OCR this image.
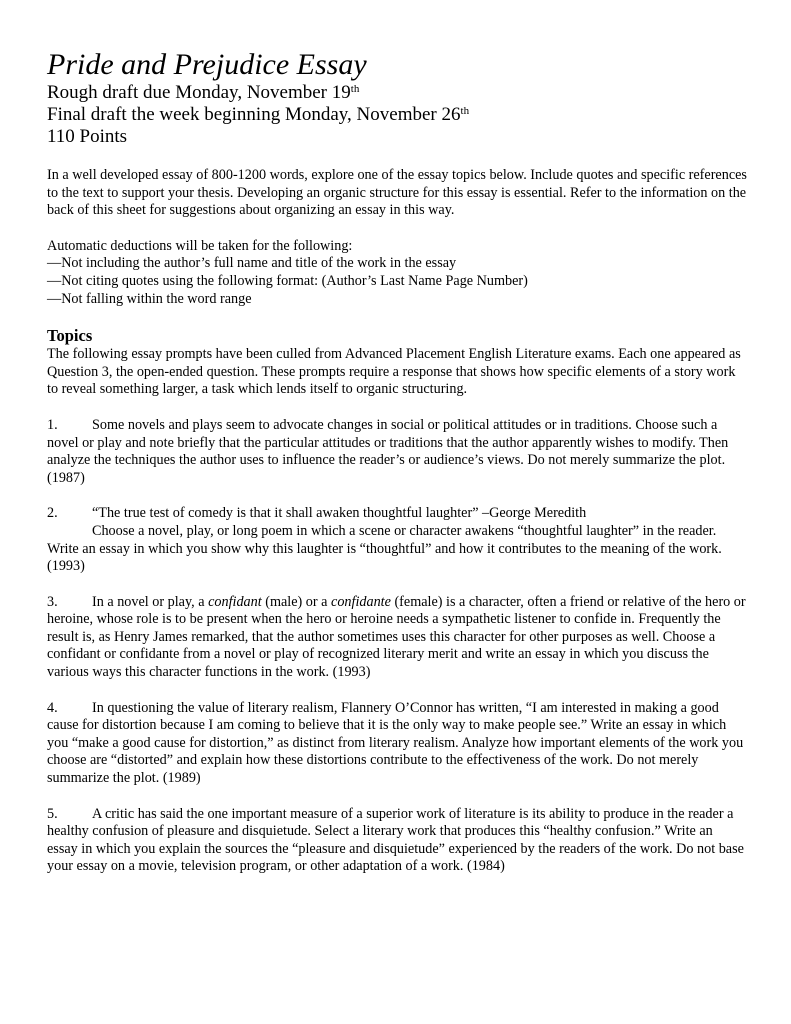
Pride and Prejudice Essay

Rough draft due Monday, November 19th

Final draft the week beginning Monday, November 26th

110 Points

In a well developed essay of 800-1200 words, explore one of the essay topics below. Include quotes and specific references to the text to support your thesis. Developing an organic structure for this essay is essential. Refer to the information on the back of this sheet for suggestions about organizing an essay in this way.

Automatic deductions will be taken for the following:

—Not including the author’s full name and title of the work in the essay

—Not citing quotes using the following format: (Author’s Last Name Page Number)

—Not falling within the word range

Topics

The following essay prompts have been culled from Advanced Placement English Literature exams. Each one appeared as Question 3, the open-ended question. These prompts require a response that shows how specific elements of a story work to reveal something larger, a task which lends itself to organic structuring.

1. Some novels and plays seem to advocate changes in social or political attitudes or in traditions. Choose such a novel or play and note briefly that the particular attitudes or traditions that the author apparently wishes to modify. Then analyze the techniques the author uses to influence the reader’s or audience’s views. Do not merely summarize the plot. (1987)

2. “The true test of comedy is that it shall awaken thoughtful laughter” –George Meredith

Choose a novel, play, or long poem in which a scene or character awakens “thoughtful laughter” in the reader. Write an essay in which you show why this laughter is “thoughtful” and how it contributes to the meaning of the work. (1993)

3. In a novel or play, a confidant (male) or a confidante (female) is a character, often a friend or relative of the hero or heroine, whose role is to be present when the hero or heroine needs a sympathetic listener to confide in. Frequently the result is, as Henry James remarked, that the author sometimes uses this character for other purposes as well. Choose a confidant or confidante from a novel or play of recognized literary merit and write an essay in which you discuss the various ways this character functions in the work. (1993)

4. In questioning the value of literary realism, Flannery O’Connor has written, “I am interested in making a good cause for distortion because I am coming to believe that it is the only way to make people see.” Write an essay in which you “make a good cause for distortion,” as distinct from literary realism. Analyze how important elements of the work you choose are “distorted” and explain how these distortions contribute to the effectiveness of the work. Do not merely summarize the plot. (1989)

5. A critic has said the one important measure of a superior work of literature is its ability to produce in the reader a healthy confusion of pleasure and disquietude. Select a literary work that produces this “healthy confusion.” Write an essay in which you explain the sources the “pleasure and disquietude” experienced by the readers of the work. Do not base your essay on a movie, television program, or other adaptation of a work. (1984)
